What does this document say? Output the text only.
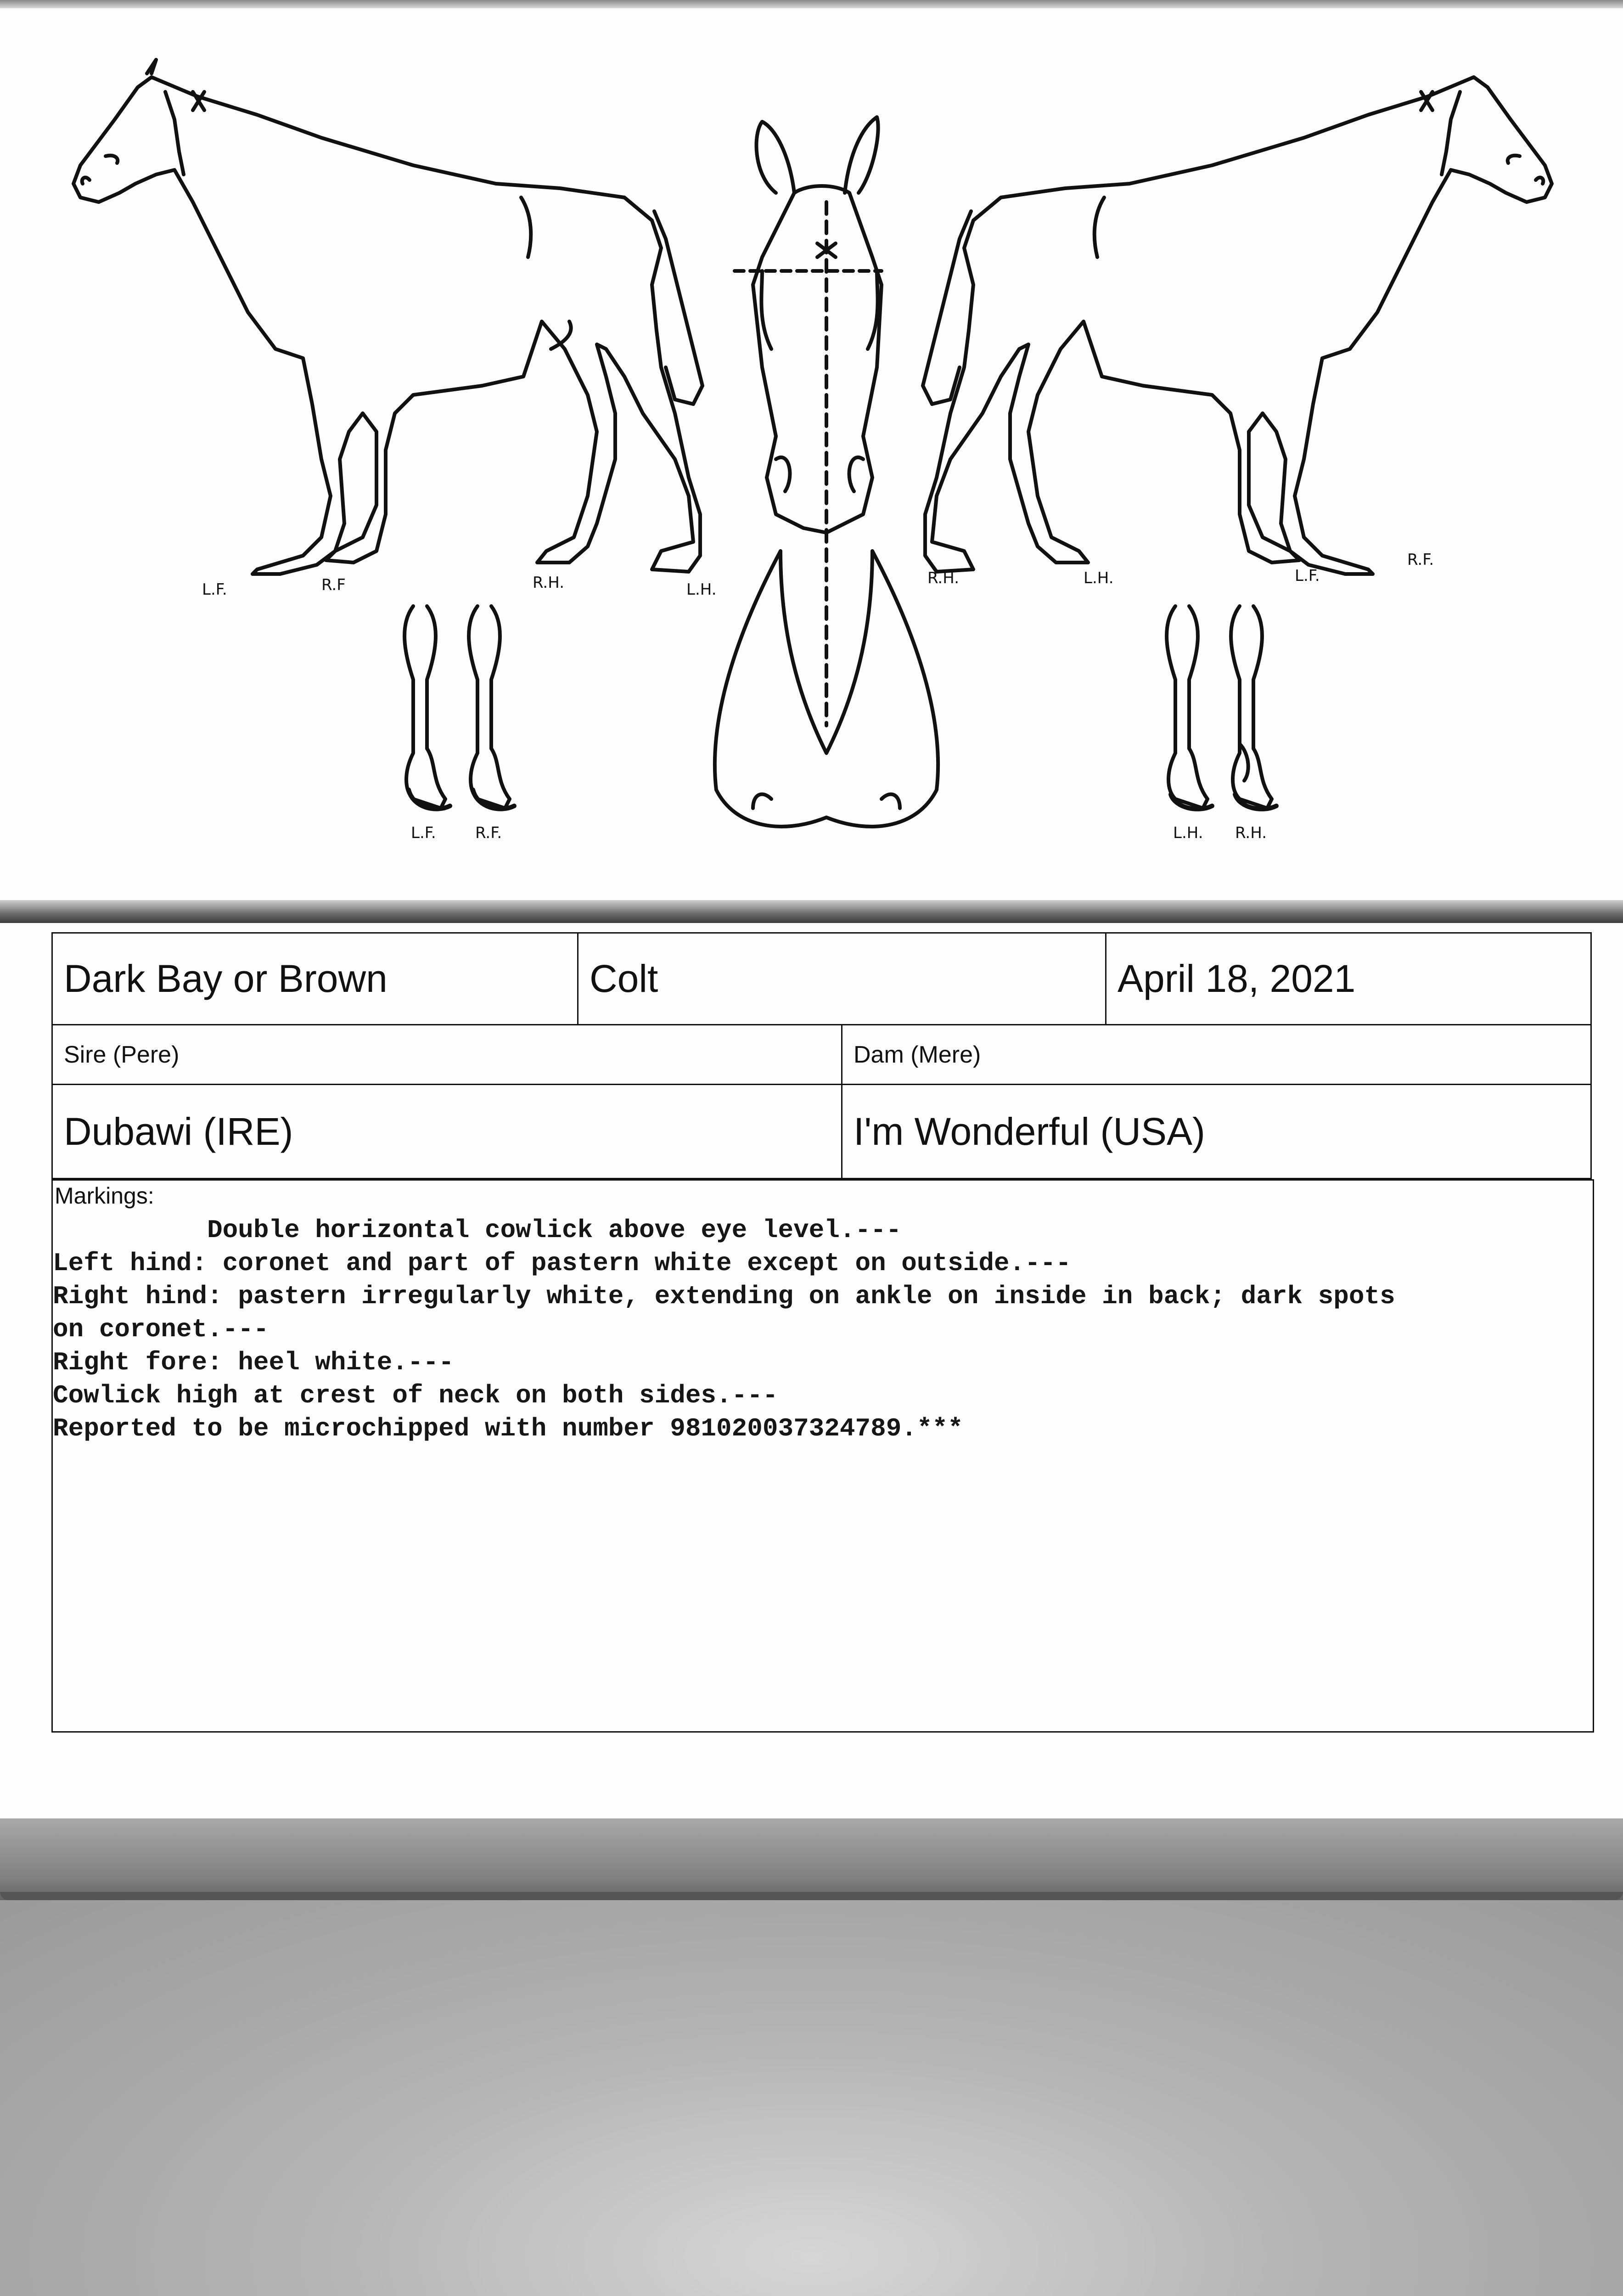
L.F.	R.F	R.H.	L.H.
R.H.	L.H.	L.F.
R.F.
L.F.	R.F.	L.H. R.H.
Dark Bay or Brown	Colt	April 18, 2021
Sire (Pere)	Dam (Mere)
Dubawi (IRE)	I'm Wonderful (USA)
Markings:
Double horizontal cowlick above eye level.---
Left hind: coronet and part of pastern white except on outside.---
Right hind: pastern irregularly white, extending on ankle on inside in back; dark spots
on coronet.---
Right fore: heel white.---
Cowlick high at crest of neck on both sides.---
Reported to be microchipped with number 981020037324789.***
